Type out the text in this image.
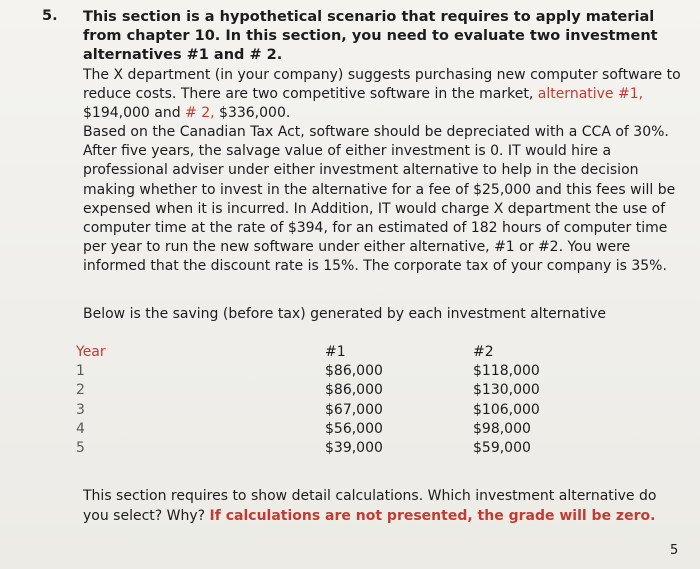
5. This section is a hypothetical scenario that requires to apply material from chapter 10. In this section, you need to evaluate two investment alternatives #1 and # 2.
The X department (in your company) suggests purchasing new computer software to reduce costs. There are two competitive software in the market, alternative #1, $194,000 and # 2, $336,000.
Based on the Canadian Tax Act, software should be depreciated with a CCA of 30%. After five years, the salvage value of either investment is 0. IT would hire a professional adviser under either investment alternative to help in the decision making whether to invest in the alternative for a fee of $25,000 and this fees will be expensed when it is incurred. In Addition, IT would charge X department the use of computer time at the rate of $394, for an estimated of 182 hours of computer time per year to run the new software under either alternative, #1 or #2. You were informed that the discount rate is 15%. The corporate tax of your company is 35%.
Below is the saving (before tax) generated by each investment alternative
Year
1
2
3
4
5
#1
$86,000
$86,000
$67,000
$56,000
$39,000
#2
$118,000
$130,000
$106,000
$98,000
$59,000
This section requires to show detail calculations. Which investment alternative do you select? Why? If calculations are not presented, the grade will be zero.
5
